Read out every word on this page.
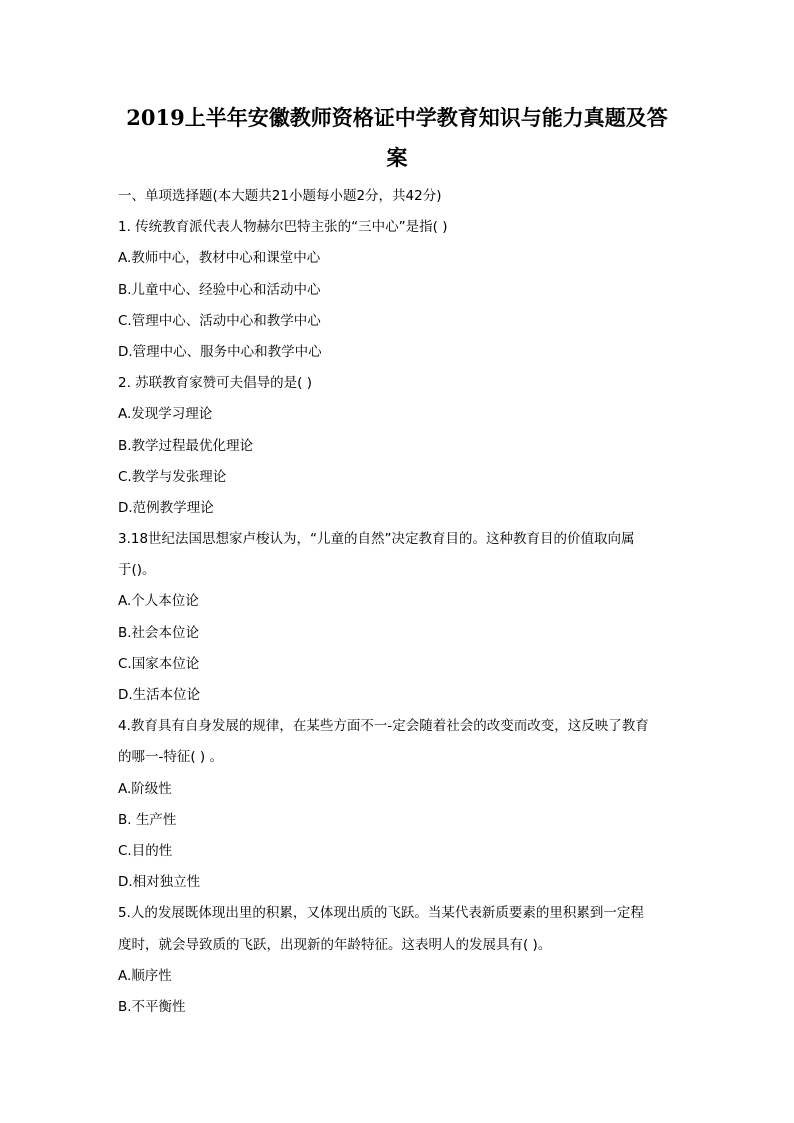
2019上半年安徽教师资格证中学教育知识与能力真题及答
案
一、单项选择题(本大题共21小题每小题2分，共42分)
1. 传统教育派代表人物赫尔巴特主张的“三中心”是指( )
A.教师中心，教材中心和课堂中心
B.儿童中心、经验中心和活动中心
C.管理中心、活动中心和教学中心
D.管理中心、服务中心和教学中心
2. 苏联教育家赞可夫倡导的是( )
A.发现学习理论
B.教学过程最优化理论
C.教学与发张理论
D.范例教学理论
3.18世纪法国思想家卢梭认为，“儿童的自然”决定教育目的。这种教育目的价值取向属
于()。
A.个人本位论
B.社会本位论
C.国家本位论
D.生活本位论
4.教育具有自身发展的规律，在某些方面不一-定会随着社会的改变而改变，这反映了教育
的哪一-特征( ) 。
A.阶级性
B. 生产性
C.目的性
D.相对独立性
5.人的发展既体现出里的积累，又体现出质的飞跃。当某代表新质要素的里积累到一定程
度时，就会导致质的飞跃，出现新的年龄特征。这表明人的发展具有( )。
A.顺序性
B.不平衡性
